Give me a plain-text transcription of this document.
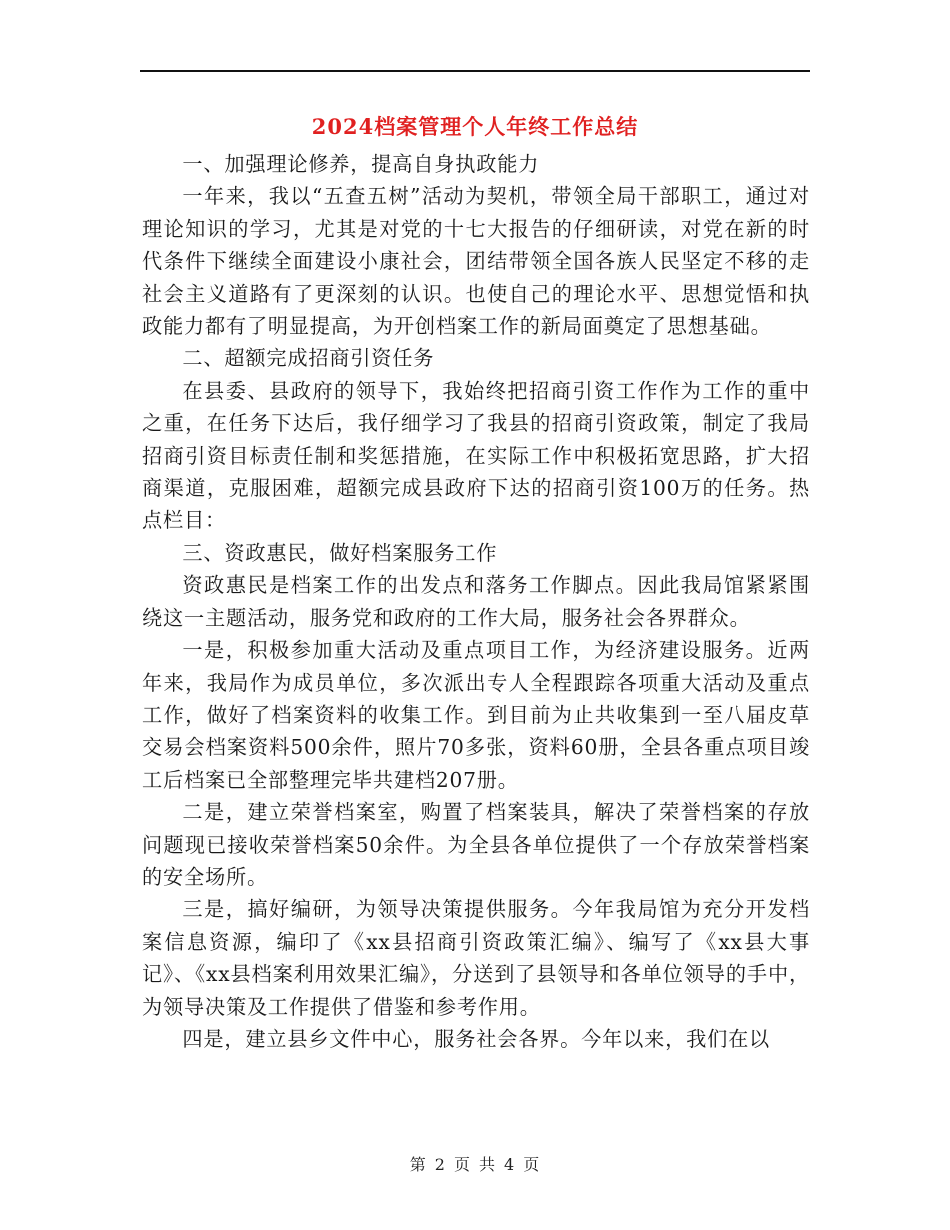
2024档案管理个人年终工作总结

一、加强理论修养，提高自身执政能力

一年来，我以“五查五树”活动为契机，带领全局干部职工，通过对理论知识的学习，尤其是对党的十七大报告的仔细研读，对党在新的时代条件下继续全面建设小康社会，团结带领全国各族人民坚定不移的走社会主义道路有了更深刻的认识。也使自己的理论水平、思想觉悟和执政能力都有了明显提高，为开创档案工作的新局面奠定了思想基础。

二、超额完成招商引资任务

在县委、县政府的领导下，我始终把招商引资工作作为工作的重中之重，在任务下达后，我仔细学习了我县的招商引资政策，制定了我局招商引资目标责任制和奖惩措施，在实际工作中积极拓宽思路，扩大招商渠道，克服困难，超额完成县政府下达的招商引资100万的任务。热点栏目：

三、资政惠民，做好档案服务工作

资政惠民是档案工作的出发点和落务工作脚点。因此我局馆紧紧围绕这一主题活动，服务党和政府的工作大局，服务社会各界群众。

一是，积极参加重大活动及重点项目工作，为经济建设服务。近两年来，我局作为成员单位，多次派出专人全程跟踪各项重大活动及重点工作，做好了档案资料的收集工作。到目前为止共收集到一至八届皮草交易会档案资料500余件，照片70多张，资料60册，全县各重点项目竣工后档案已全部整理完毕共建档207册。

二是，建立荣誉档案室，购置了档案装具，解决了荣誉档案的存放问题现已接收荣誉档案50余件。为全县各单位提供了一个存放荣誉档案的安全场所。

三是，搞好编研，为领导决策提供服务。今年我局馆为充分开发档案信息资源，编印了《xx县招商引资政策汇编》、编写了《xx县大事记》、《xx县档案利用效果汇编》，分送到了县领导和各单位领导的手中，为领导决策及工作提供了借鉴和参考作用。

四是，建立县乡文件中心，服务社会各界。今年以来，我们在以

第 2 页 共 4 页
